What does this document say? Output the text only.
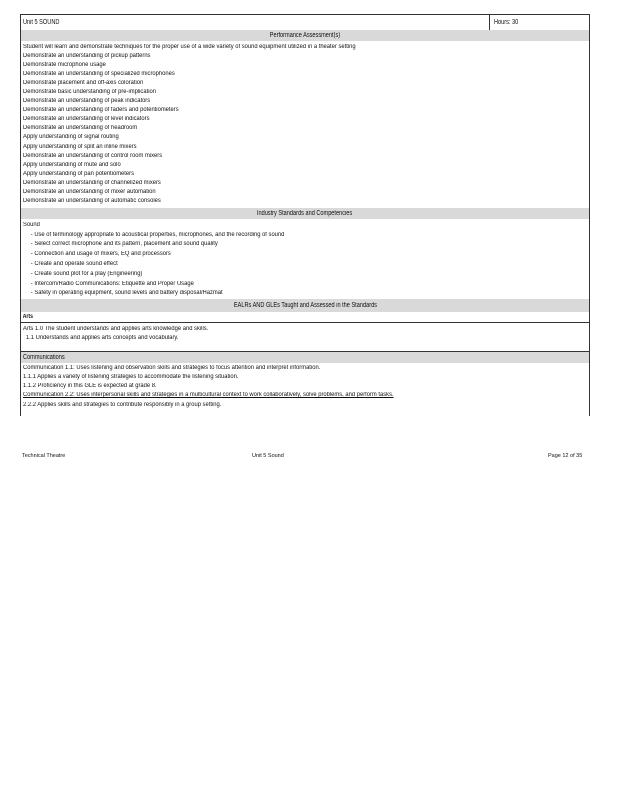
Unit 5 SOUND	Hours: 30
Performance Assessment(s)
Student will learn and demonstrate techniques for the proper use of a wide variety of sound equipment utilized in a theater setting
Demonstrate an understanding of pickup patterns
Demonstrate microphone usage
Demonstrate an understanding of specialized microphones
Demonstrate placement and off-axis coloration
Demonstrate basic understanding of pre-implication
Demonstrate an understanding of peak indicators
Demonstrate an understanding of faders and potentiometers
Demonstrate an understanding of level indicators
Demonstrate an understanding of headroom
Apply understanding of signal routing
Apply understanding of split an inline mixers
Demonstrate an understanding of control room mixers
Apply understanding of mute and solo
Apply understanding of pan potentiometers
Demonstrate an understanding of channelized mixers
Demonstrate an understanding of mixer automation
Demonstrate an understanding of automatic consoles
Industry Standards and Competencies
Sound
- Use of terminology appropriate to acoustical properties, microphones, and the recording of sound
- Select correct microphone and its pattern, placement and sound quality
- Connection and usage of mixers, EQ and processors
- Create and operate sound effect
- Create sound plot for a play (Engineering)
- Intercom/Radio Communications: Etiquette and Proper Usage
- Safety in operating equipment, sound levels and battery disposal/Hazmat
EALRs AND GLEs Taught and Assessed in the Standards
Arts
Arts 1.0 The student understands and applies arts knowledge and skills.
1.1 Understands and applies arts concepts and vocabulary.
Communications
Communication 1.1: Uses listening and observation skills and strategies to focus attention and interpret information.
1.1.1 Applies a variety of listening strategies to accommodate the listening situation.
1.1.2 Proficiency in this GLE is expected at grade 8.
Communication 2.2: Uses interpersonal skills and strategies in a multicultural context to work collaboratively, solve problems, and perform tasks.
2.2.2 Applies skills and strategies to contribute responsibly in a group setting.
Technical Theatre	Unit 5 Sound	Page 12 of 35
